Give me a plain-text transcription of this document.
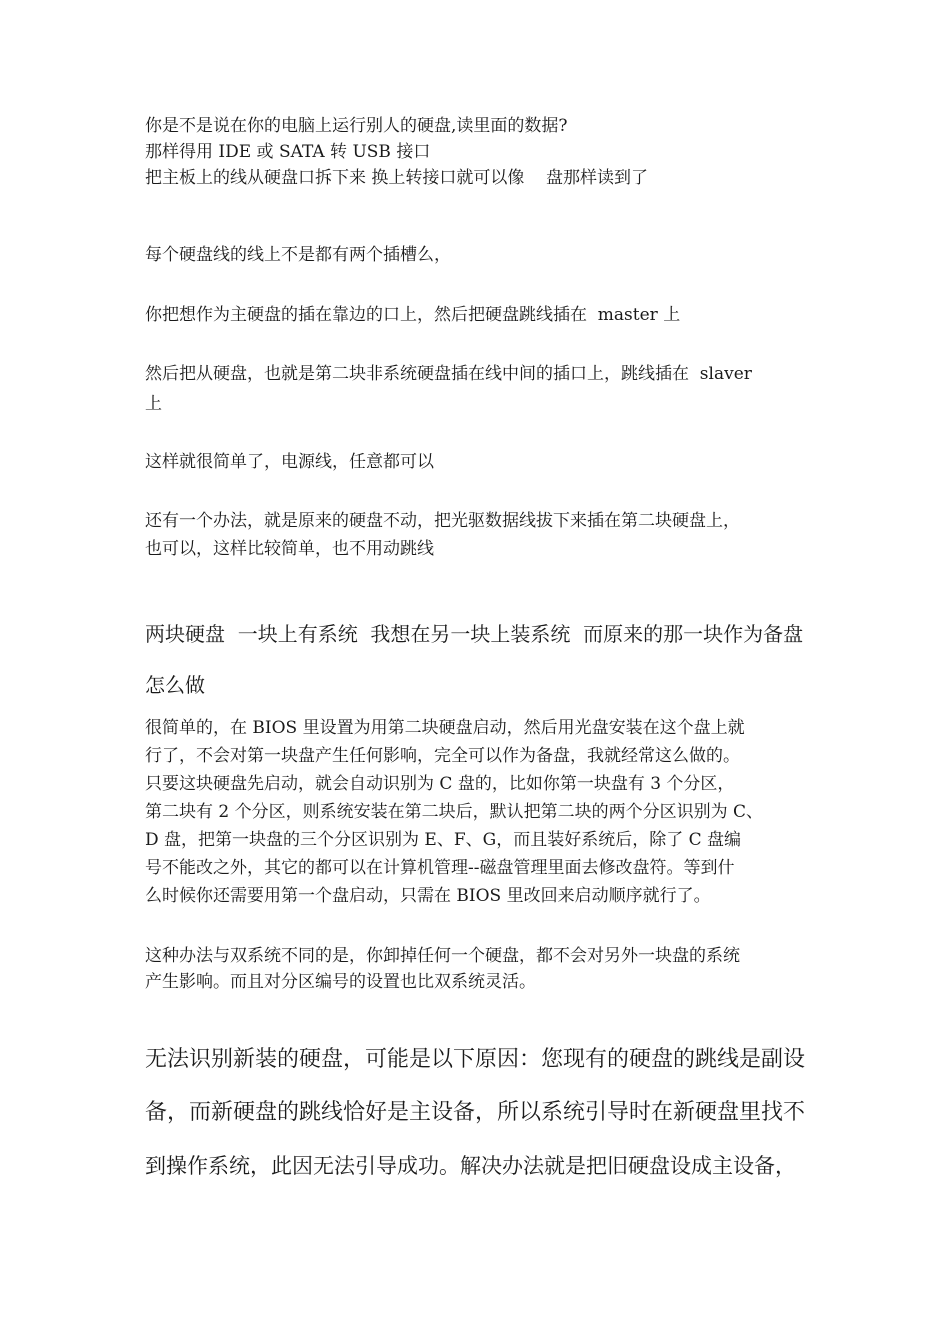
你是不是说在你的电脑上运行别人的硬盘,读里面的数据?
那样得用 IDE 或 SATA 转 USB 接口
把主板上的线从硬盘口拆下来 换上转接口就可以像    盘那样读到了
每个硬盘线的线上不是都有两个插槽么，
你把想作为主硬盘的插在靠边的口上，然后把硬盘跳线插在  master 上
然后把从硬盘，也就是第二块非系统硬盘插在线中间的插口上，跳线插在  slaver
上
这样就很简单了，电源线，任意都可以
还有一个办法，就是原来的硬盘不动，把光驱数据线拔下来插在第二块硬盘上，
也可以，这样比较简单，也不用动跳线
两块硬盘  一块上有系统  我想在另一块上装系统  而原来的那一块作为备盘
怎么做
很简单的，在 BIOS 里设置为用第二块硬盘启动，然后用光盘安装在这个盘上就
行了，不会对第一块盘产生任何影响，完全可以作为备盘，我就经常这么做的。
只要这块硬盘先启动，就会自动识别为 C 盘的，比如你第一块盘有 3 个分区，
第二块有 2 个分区，则系统安装在第二块后，默认把第二块的两个分区识别为 C、
D 盘，把第一块盘的三个分区识别为 E、F、G，而且装好系统后，除了 C 盘编
号不能改之外，其它的都可以在计算机管理--磁盘管理里面去修改盘符。等到什
么时候你还需要用第一个盘启动，只需在 BIOS 里改回来启动顺序就行了。
这种办法与双系统不同的是，你卸掉任何一个硬盘，都不会对另外一块盘的系统
产生影响。而且对分区编号的设置也比双系统灵活。
无法识别新装的硬盘，可能是以下原因：您现有的硬盘的跳线是副设
备，而新硬盘的跳线恰好是主设备，所以系统引导时在新硬盘里找不
到操作系统，此因无法引导成功。解决办法就是把旧硬盘设成主设备，
